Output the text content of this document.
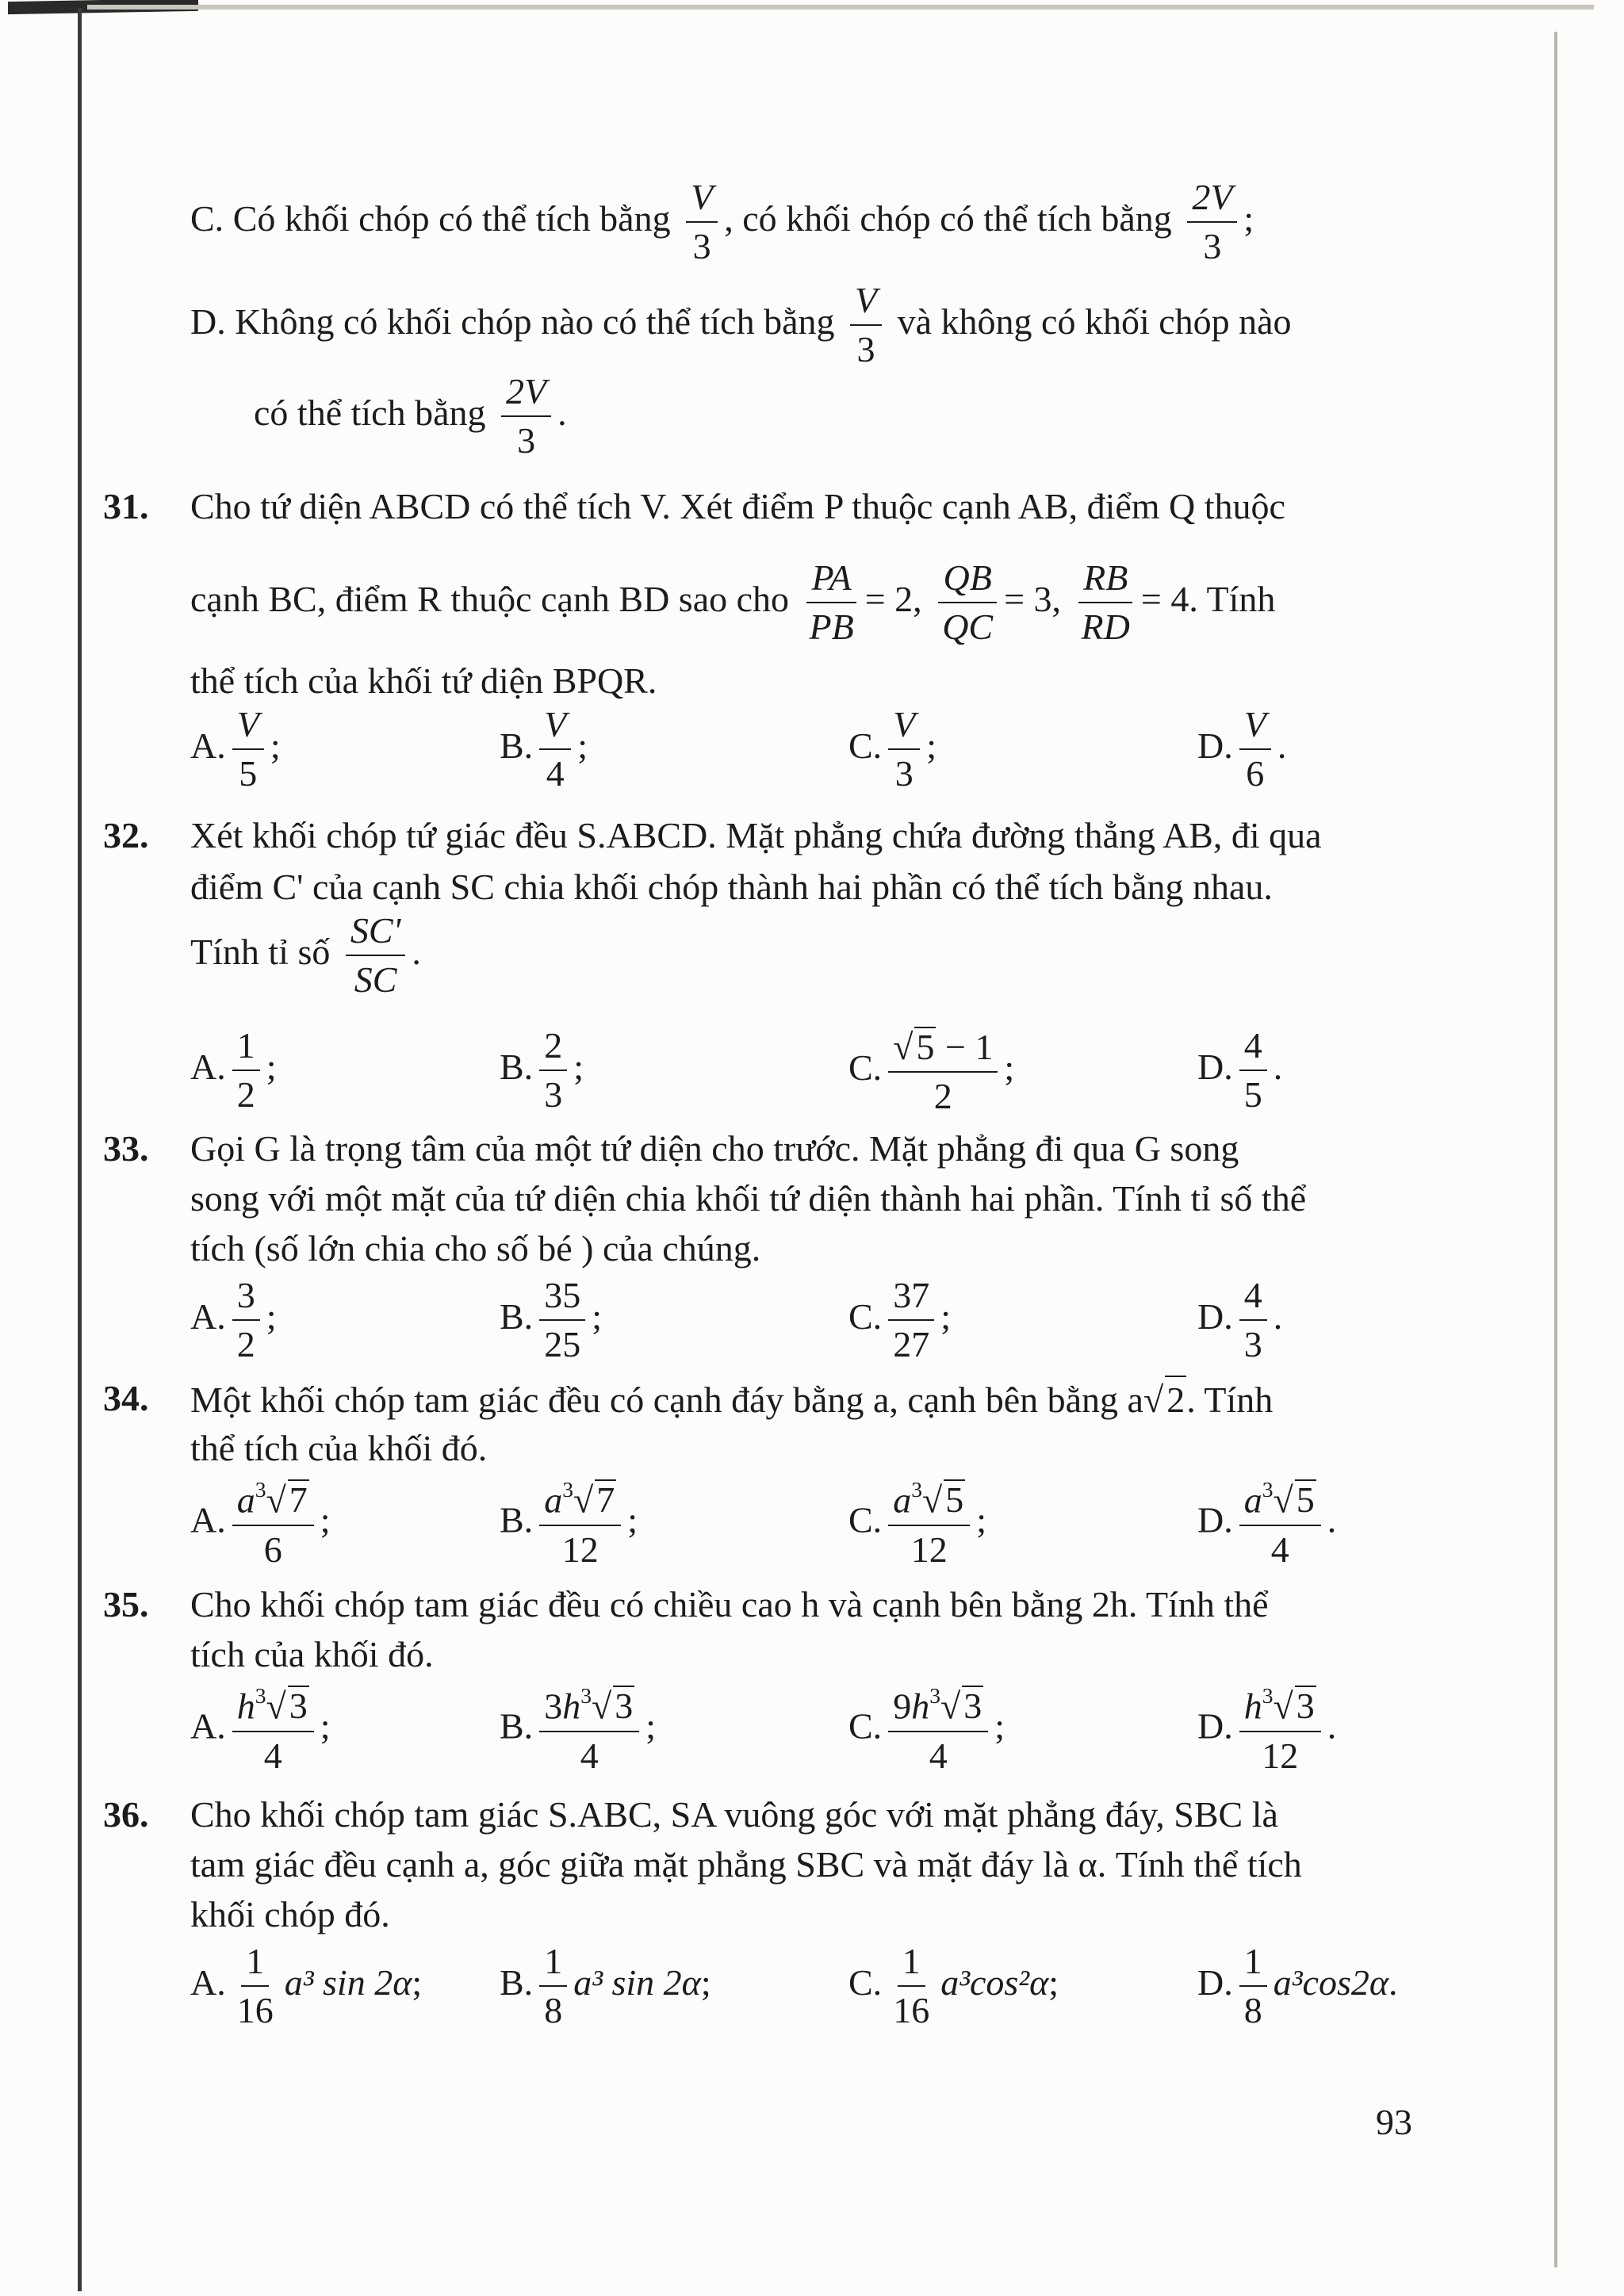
C. Có khối chóp có thể tích bằng $\frac{V}{3}$ , có khối chóp có thể tích bằng $\frac{2V}{3}$ ;
D. Không có khối chóp nào có thể tích bằng $\frac{V}{3}$ và không có khối chóp nào
có thể tích bằng $\frac{2V}{3}$ .
31. Cho tứ diện ABCD có thể tích V. Xét điểm P thuộc cạnh AB, điểm Q thuộc
cạnh BC, điểm R thuộc cạnh BD sao cho $\frac{PA}{PB} = 2$, $\frac{QB}{QC} = 3$, $\frac{RB}{RD} = 4$. Tính
thể tích của khối tứ diện BPQR.
A. $\frac{V}{5}$ ;	B. $\frac{V}{4}$ ;	C. $\frac{V}{3}$ ;	D. $\frac{V}{6}$ .
32. Xét khối chóp tứ giác đều S.ABCD. Mặt phẳng chứa đường thẳng AB, đi qua
điểm C' của cạnh SC chia khối chóp thành hai phần có thể tích bằng nhau.
Tính tỉ số $\frac{SC'}{SC}$ .
A. $\frac{1}{2}$ ;	B. $\frac{2}{3}$ ;	C. $\frac{√5 - 1}{2}$ ;	D. $\frac{4}{5}$ .
33. Gọi G là trọng tâm của một tứ diện cho trước. Mặt phẳng đi qua G song
song với một mặt của tứ diện chia khối tứ diện thành hai phần. Tính tỉ số thể
tích (số lớn chia cho số bé ) của chúng.
A. $\frac{3}{2}$ ;	B. $\frac{35}{25}$ ;	C. $\frac{37}{27}$ ;	D. $\frac{4}{3}$ .
34. Một khối chóp tam giác đều có cạnh đáy bằng a, cạnh bên bằng a√2. Tính
thể tích của khối đó.
A. $\frac{a^3√7}{6}$ ;	B. $\frac{a^3√7}{12}$ ;	C. $\frac{a^3√5}{12}$ ;	D. $\frac{a^3√5}{4}$ .
35. Cho khối chóp tam giác đều có chiều cao h và cạnh bên bằng 2h. Tính thể
tích của khối đó.
A. $\frac{h^3√3}{4}$ ;	B. $\frac{3h^3√3}{4}$ ;	C. $\frac{9h^3√3}{4}$ ;	D. $\frac{h^3√3}{12}$ .
36. Cho khối chóp tam giác S.ABC, SA vuông góc với mặt phẳng đáy, SBC là
tam giác đều cạnh a, góc giữa mặt phẳng SBC và mặt đáy là α. Tính thể tích
khối chóp đó.
A. $\frac{1}{16} a^3$ sin 2α; B. $\frac{1}{8} a^3$ sin 2α;	C. $\frac{1}{16} a^3\cos^2\alpha$;	D. $\frac{1}{8} a^3\cos 2\alpha$.
93
